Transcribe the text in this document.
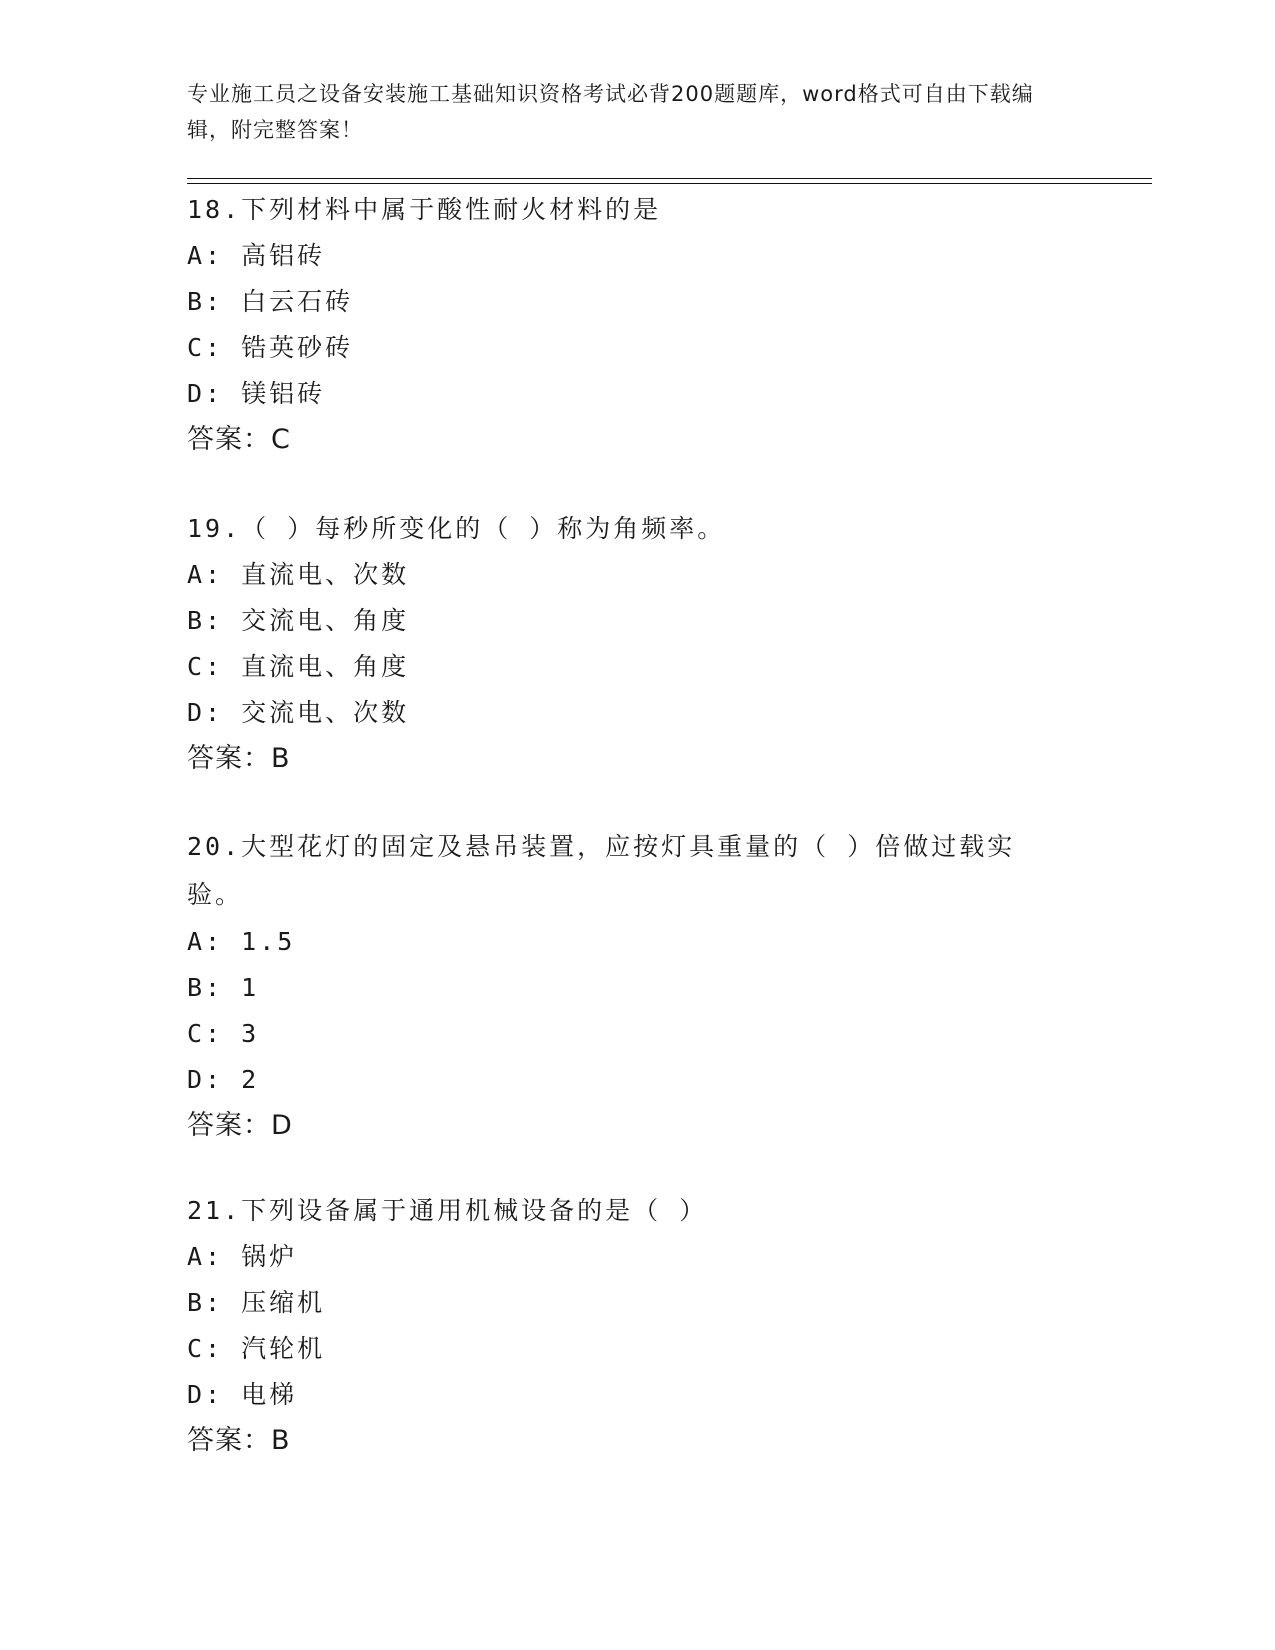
专业施工员之设备安装施工基础知识资格考试必背200题题库，word格式可自由下载编辑，附完整答案！

18.下列材料中属于酸性耐火材料的是

A: 高铝砖
B: 白云石砖
C: 锆英砂砖
D: 镁铝砖
答案：C

19.（ ）每秒所变化的（ ）称为角频率。

A: 直流电、次数
B: 交流电、角度
C: 直流电、角度
D: 交流电、次数
答案：B

20.大型花灯的固定及悬吊装置，应按灯具重量的（ ）倍做过载实验。

A: 1.5
B: 1
C: 3
D: 2
答案：D

21.下列设备属于通用机械设备的是（ ）

A: 锅炉
B: 压缩机
C: 汽轮机
D: 电梯
答案：B
